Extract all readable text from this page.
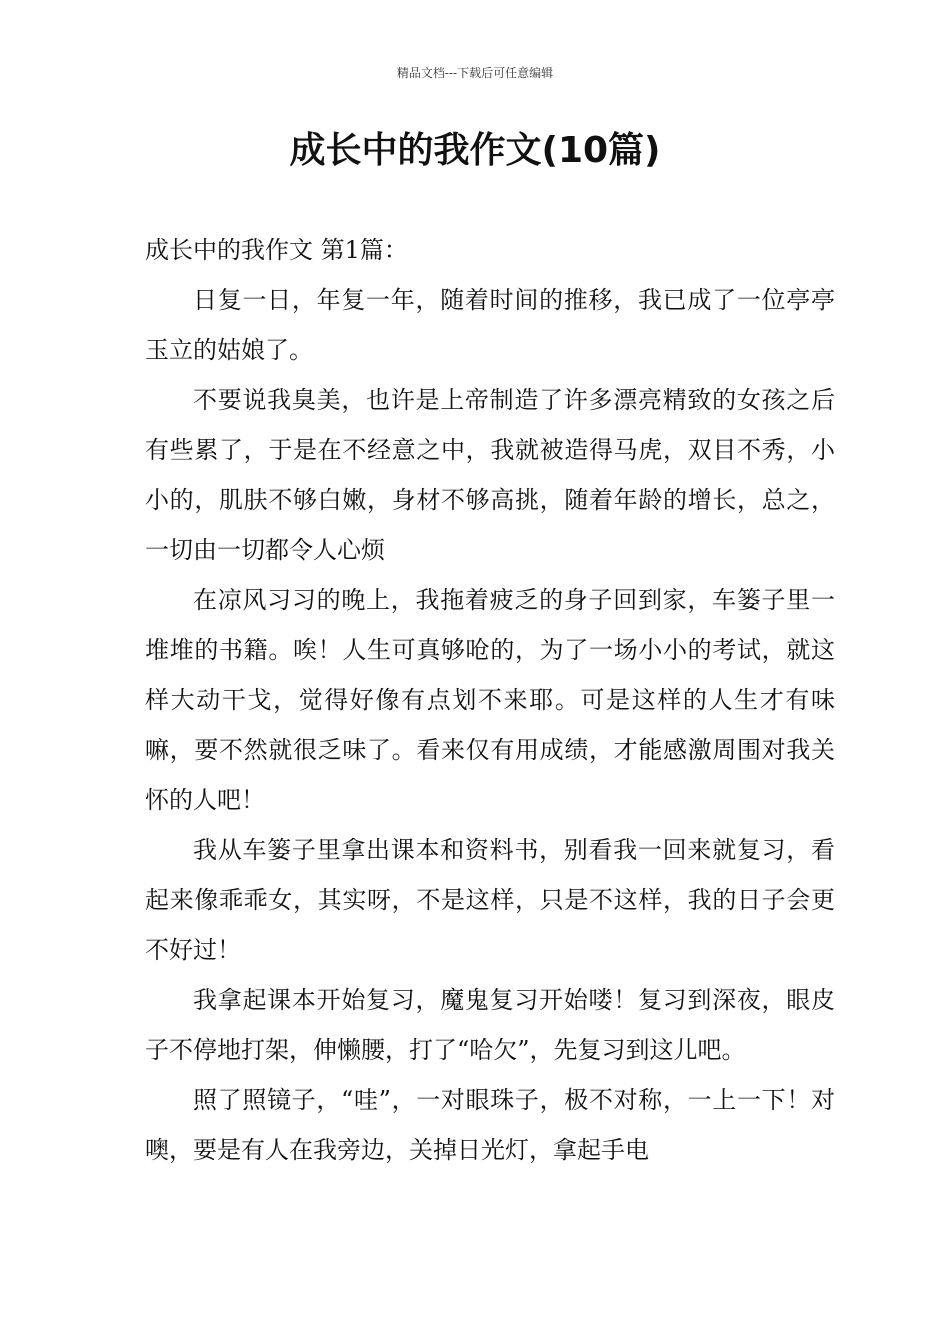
精品文档---下载后可任意编辑
成长中的我作文(10篇)

成长中的我作文 第1篇：

日复一日，年复一年，随着时间的推移，我已成了一位亭亭玉立的姑娘了。

不要说我臭美，也许是上帝制造了许多漂亮精致的女孩之后有些累了，于是在不经意之中，我就被造得马虎，双目不秀，小小的，肌肤不够白嫩，身材不够高挑，随着年龄的增长，总之，一切由一切都令人心烦

在凉风习习的晚上，我拖着疲乏的身子回到家，车篓子里一堆堆的书籍。唉！人生可真够呛的，为了一场小小的考试，就这样大动干戈，觉得好像有点划不来耶。可是这样的人生才有味嘛，要不然就很乏味了。看来仅有用成绩，才能感激周围对我关怀的人吧！

我从车篓子里拿出课本和资料书，别看我一回来就复习，看起来像乖乖女，其实呀，不是这样，只是不这样，我的日子会更不好过！

我拿起课本开始复习，魔鬼复习开始喽！复习到深夜，眼皮子不停地打架，伸懒腰，打了“哈欠”，先复习到这儿吧。

照了照镜子，“哇”，一对眼珠子，极不对称，一上一下！对噢，要是有人在我旁边，关掉日光灯，拿起手电
